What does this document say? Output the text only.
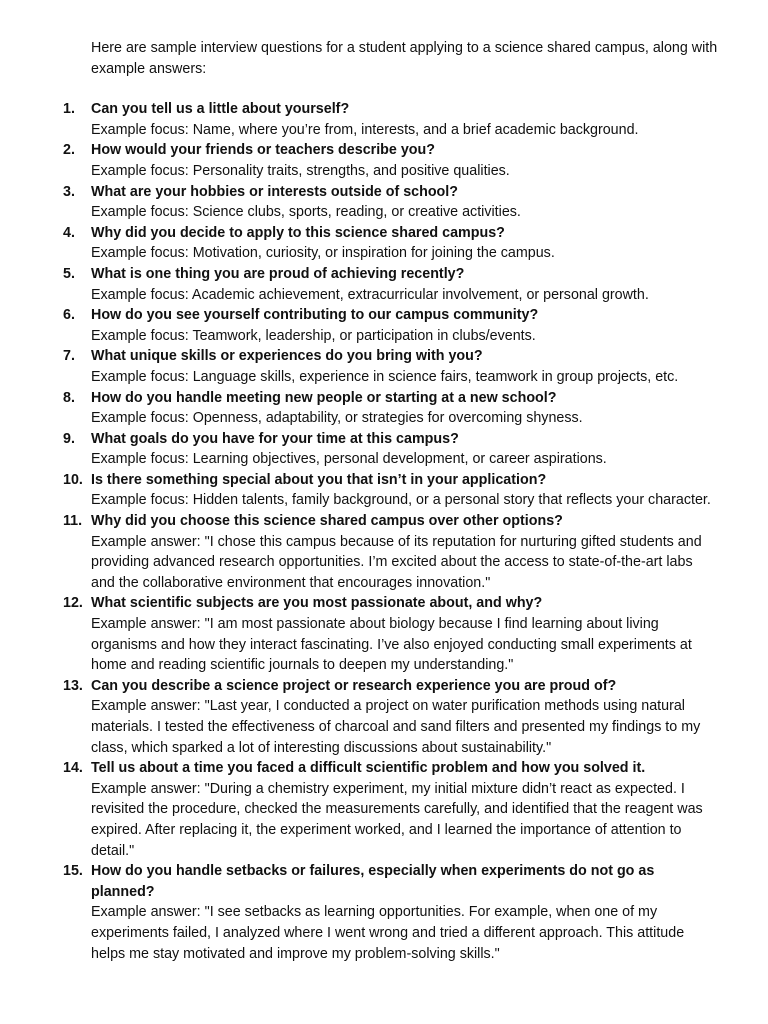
Here are sample interview questions for a student applying to a science shared campus, along with example answers:

1.	Can you tell us a little about yourself?
Example focus: Name, where you’re from, interests, and a brief academic background.
2.	How would your friends or teachers describe you?
Example focus: Personality traits, strengths, and positive qualities.
3.	What are your hobbies or interests outside of school?
Example focus: Science clubs, sports, reading, or creative activities.
4.	Why did you decide to apply to this science shared campus?
Example focus: Motivation, curiosity, or inspiration for joining the campus.
5.	What is one thing you are proud of achieving recently?
Example focus: Academic achievement, extracurricular involvement, or personal growth.
6.	How do you see yourself contributing to our campus community?
Example focus: Teamwork, leadership, or participation in clubs/events.
7.	What unique skills or experiences do you bring with you?
Example focus: Language skills, experience in science fairs, teamwork in group projects, etc.
8.	How do you handle meeting new people or starting at a new school?
Example focus: Openness, adaptability, or strategies for overcoming shyness.
9.	What goals do you have for your time at this campus?
Example focus: Learning objectives, personal development, or career aspirations.
10. Is there something special about you that isn’t in your application?
Example focus: Hidden talents, family background, or a personal story that reflects your character.
11. Why did you choose this science shared campus over other options?
Example answer: "I chose this campus because of its reputation for nurturing gifted students and providing advanced research opportunities. I’m excited about the access to state-of-the-art labs and the collaborative environment that encourages innovation."
12. What scientific subjects are you most passionate about, and why?
Example answer: "I am most passionate about biology because I find learning about living organisms and how they interact fascinating. I’ve also enjoyed conducting small experiments at home and reading scientific journals to deepen my understanding."
13. Can you describe a science project or research experience you are proud of?
Example answer: "Last year, I conducted a project on water purification methods using natural materials. I tested the effectiveness of charcoal and sand filters and presented my findings to my class, which sparked a lot of interesting discussions about sustainability."
14. Tell us about a time you faced a difficult scientific problem and how you solved it.
Example answer: "During a chemistry experiment, my initial mixture didn’t react as expected. I revisited the procedure, checked the measurements carefully, and identified that the reagent was expired. After replacing it, the experiment worked, and I learned the importance of attention to detail."
15. How do you handle setbacks or failures, especially when experiments do not go as planned?
Example answer: "I see setbacks as learning opportunities. For example, when one of my experiments failed, I analyzed where I went wrong and tried a different approach. This attitude helps me stay motivated and improve my problem-solving skills."
